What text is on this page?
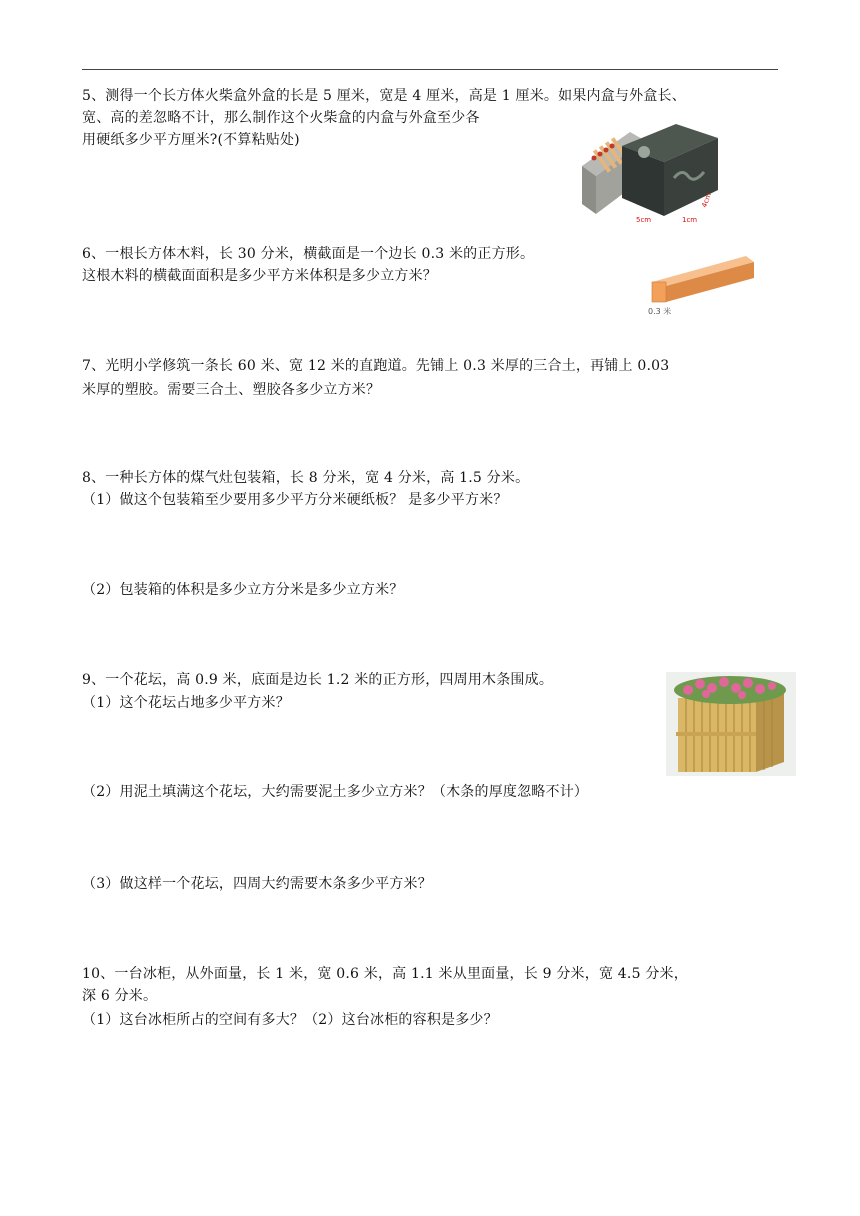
5、测得一个长方体火柴盒外盒的长是 5 厘米，宽是 4 厘米，高是 1 厘米。如果内盒与外盒长、
宽、高的差忽略不计，那么制作这个火柴盒的内盒与外盒至少各
用硬纸多少平方厘米?(不算粘贴处)
5cm	1cm
4cm
6、一根长方体木料，长 30 分米，横截面是一个边长 0.3 米的正方形。
这根木料的横截面面积是多少平方米体积是多少立方米？
0.3 米
7、光明小学修筑一条长 60 米、宽 12 米的直跑道。先铺上 0.3 米厚的三合土，再铺上 0.03
米厚的塑胶。需要三合土、塑胶各多少立方米？
8、一种长方体的煤气灶包装箱，长 8 分米，宽 4 分米，高 1.5 分米。
（1）做这个包装箱至少要用多少平方分米硬纸板？ 是多少平方米？
（2）包装箱的体积是多少立方分米是多少立方米？
9、一个花坛，高 0.9 米，底面是边长 1.2 米的正方形，四周用木条围成。
（1）这个花坛占地多少平方米？
（2）用泥土填满这个花坛，大约需要泥土多少立方米？（木条的厚度忽略不计）
（3）做这样一个花坛，四周大约需要木条多少平方米？
10、一台冰柜，从外面量，长 1 米，宽 0.6 米，高 1.1 米从里面量，长 9 分米，宽 4.5 分米，
深 6 分米。
（1）这台冰柜所占的空间有多大？（2）这台冰柜的容积是多少？
